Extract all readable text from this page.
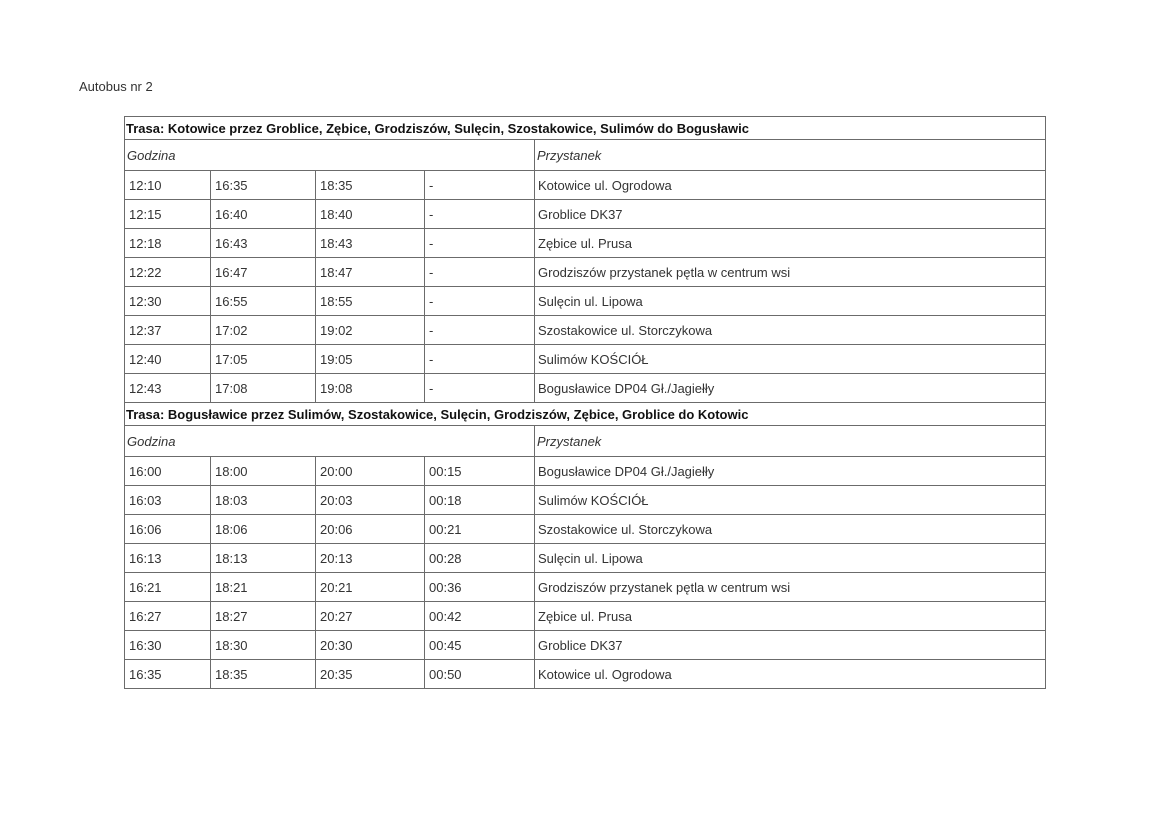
Autobus nr 2
Trasa: Kotowice przez Groblice, Zębice, Grodziszów, Sulęcin, Szostakowice, Sulimów do Bogusławic				
Godzina				Przystanek
12:10	16:35	18:35	-	Kotowice ul. Ogrodowa
12:15	16:40	18:40	-	Groblice DK37
12:18	16:43	18:43	-	Zębice ul. Prusa
12:22	16:47	18:47	-	Grodziszów przystanek pętla w centrum wsi
12:30	16:55	18:55	-	Sulęcin ul. Lipowa
12:37	17:02	19:02	-	Szostakowice ul. Storczykowa
12:40	17:05	19:05	-	Sulimów KOŚCIÓŁ
12:43	17:08	19:08	-	Bogusławice DP04 Gł./Jagiełły
Trasa: Bogusławice przez Sulimów, Szostakowice, Sulęcin, Grodziszów, Zębice, Groblice do Kotowic				
Godzina				Przystanek
16:00	18:00	20:00	00:15	Bogusławice DP04 Gł./Jagiełły
16:03	18:03	20:03	00:18	Sulimów KOŚCIÓŁ
16:06	18:06	20:06	00:21	Szostakowice ul. Storczykowa
16:13	18:13	20:13	00:28	Sulęcin ul. Lipowa
16:21	18:21	20:21	00:36	Grodziszów przystanek pętla w centrum wsi
16:27	18:27	20:27	00:42	Zębice ul. Prusa
16:30	18:30	20:30	00:45	Groblice DK37
16:35	18:35	20:35	00:50	Kotowice ul. Ogrodowa
